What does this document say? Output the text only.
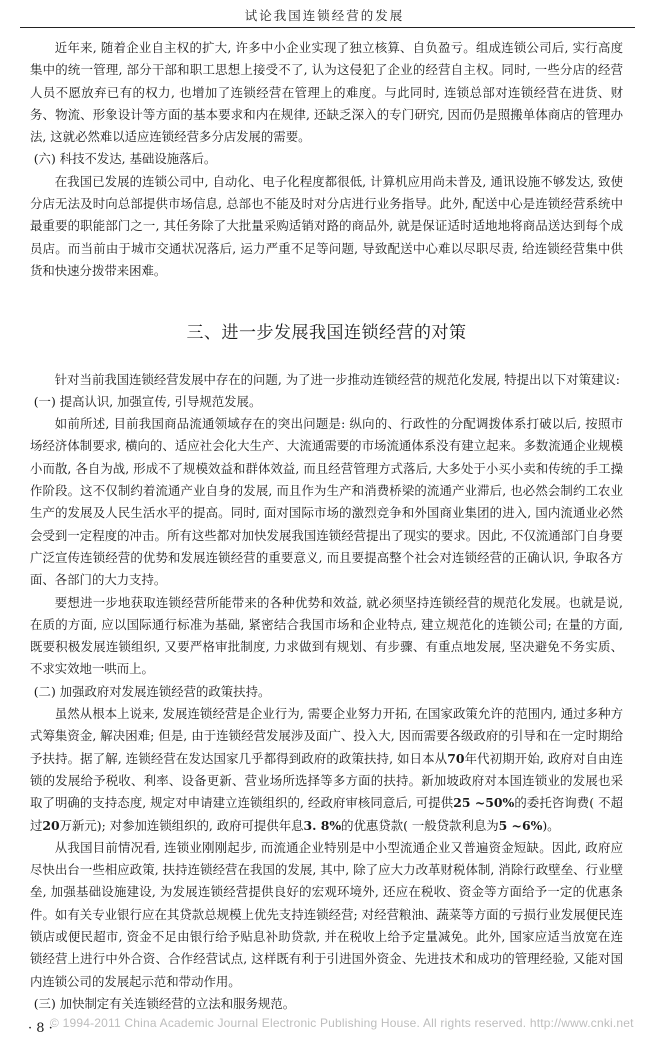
试论我国连锁经营的发展

近年来, 随着企业自主权的扩大, 许多中小企业实现了独立核算、自负盈亏。组成连锁公司后, 实行高度集中的统一管理, 部分干部和职工思想上接受不了, 认为这侵犯了企业的经营自主权。同时, 一些分店的经营人员不愿放弃已有的权力, 也增加了连锁经营在管理上的难度。与此同时, 连锁总部对连锁经营在进货、财务、物流、形象设计等方面的基本要求和内在规律, 还缺乏深入的专门研究, 因而仍是照搬单体商店的管理办法, 这就必然难以适应连锁经营多分店发展的需要。

(六) 科技不发达, 基础设施落后。

在我国已发展的连锁公司中, 自动化、电子化程度都很低, 计算机应用尚未普及, 通讯设施不够发达, 致使分店无法及时向总部提供市场信息, 总部也不能及时对分店进行业务指导。此外, 配送中心是连锁经营系统中最重要的职能部门之一, 其任务除了大批量采购适销对路的商品外, 就是保证适时适地地将商品送达到每个成员店。而当前由于城市交通状况落后, 运力严重不足等问题, 导致配送中心难以尽职尽责, 给连锁经营集中供货和快速分拨带来困难。

三、进一步发展我国连锁经营的对策

针对当前我国连锁经营发展中存在的问题, 为了进一步推动连锁经营的规范化发展, 特提出以下对策建议:

(一) 提高认识, 加强宣传, 引导规范发展。

如前所述, 目前我国商品流通领域存在的突出问题是: 纵向的、行政性的分配调拨体系打破以后, 按照市场经济体制要求, 横向的、适应社会化大生产、大流通需要的市场流通体系没有建立起来。多数流通企业规模小而散, 各自为战, 形成不了规模效益和群体效益, 而且经营管理方式落后, 大多处于小买小卖和传统的手工操作阶段。这不仅制约着流通产业自身的发展, 而且作为生产和消费桥梁的流通产业滞后, 也必然会制约工农业生产的发展及人民生活水平的提高。同时, 面对国际市场的激烈竞争和外国商业集团的进入, 国内流通业必然会受到一定程度的冲击。所有这些都对加快发展我国连锁经营提出了现实的要求。因此, 不仅流通部门自身要广泛宣传连锁经营的优势和发展连锁经营的重要意义, 而且要提高整个社会对连锁经营的正确认识, 争取各方面、各部门的大力支持。

要想进一步地获取连锁经营所能带来的各种优势和效益, 就必须坚持连锁经营的规范化发展。也就是说, 在质的方面, 应以国际通行标准为基础, 紧密结合我国市场和企业特点, 建立规范化的连锁公司; 在量的方面, 既要积极发展连锁组织, 又要严格审批制度, 力求做到有规划、有步骤、有重点地发展, 坚决避免不务实质、不求实效地一哄而上。

(二) 加强政府对发展连锁经营的政策扶持。

虽然从根本上说来, 发展连锁经营是企业行为, 需要企业努力开拓, 在国家政策允许的范围内, 通过多种方式筹集资金, 解决困难; 但是, 由于连锁经营发展涉及面广、投入大, 因而需要各级政府的引导和在一定时期给予扶持。据了解, 连锁经营在发达国家几乎都得到政府的政策扶持, 如日本从70年代初期开始, 政府对自由连锁的发展给予税收、利率、设备更新、营业场所选择等多方面的扶持。新加坡政府对本国连锁业的发展也采取了明确的支持态度, 规定对申请建立连锁组织的, 经政府审核同意后, 可提供25 ~50%的委托咨询费( 不超过20万新元); 对参加连锁组织的, 政府可提供年息3. 8%的优惠贷款( 一般贷款利息为5 ~6%)。

从我国目前情况看, 连锁业刚刚起步, 而流通企业特别是中小型流通企业又普遍资金短缺。因此, 政府应尽快出台一些相应政策, 扶持连锁经营在我国的发展, 其中, 除了应大力改革财税体制, 消除行政壁垒、行业壁垒, 加强基础设施建设, 为发展连锁经营提供良好的宏观环境外, 还应在税收、资金等方面给予一定的优惠条件。如有关专业银行应在其贷款总规模上优先支持连锁经营; 对经营粮油、蔬菜等方面的亏损行业发展便民连锁店或便民超市, 资金不足由银行给予贴息补助贷款, 并在税收上给予定量减免。此外, 国家应适当放宽在连锁经营上进行中外合资、合作经营试点, 这样既有利于引进国外资金、先进技术和成功的管理经验, 又能对国内连锁公司的发展起示范和带动作用。

(三) 加快制定有关连锁经营的立法和服务规范。

© 1994-2011 China Academic Journal Electronic Publishing House. All rights reserved. http://www.cnki.net
· 8 ·
